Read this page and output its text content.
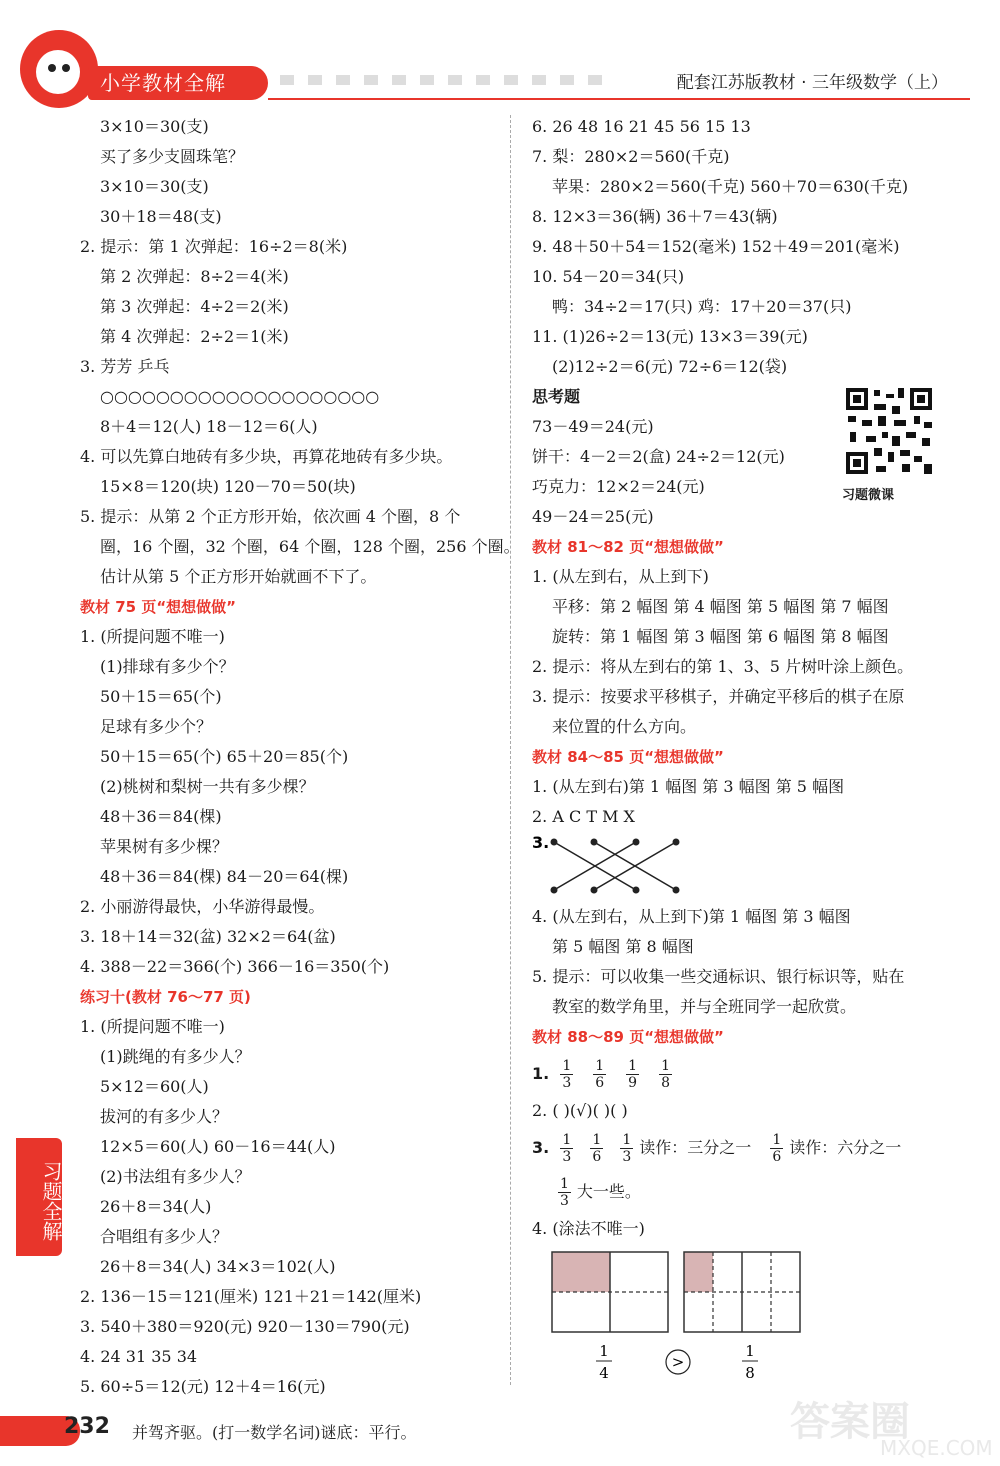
小学教材全解	配套江苏版教材 · 三年级数学（上）
3×10＝30(支)
买了多少支圆珠笔？
3×10＝30(支)
30＋18＝48(支)
2. 提示：第 1 次弹起：16÷2＝8(米)
第 2 次弹起：8÷2＝4(米)
第 3 次弹起：4÷2＝2(米)
第 4 次弹起：2÷2＝1(米)
3. 芳芳 乒乓
○○○○○○○○○○○○○○○○○○○○
8＋4＝12(人) 18－12＝6(人)
4. 可以先算白地砖有多少块，再算花地砖有多少块。
15×8＝120(块) 120－70＝50(块)
5. 提示：从第 2 个正方形开始，依次画 4 个圈，8 个
圈，16 个圈，32 个圈，64 个圈，128 个圈，256 个圈。
估计从第 5 个正方形开始就画不下了。
教材 75 页“想想做做”
1. (所提问题不唯一)
(1)排球有多少个？
50＋15＝65(个)
足球有多少个？
50＋15＝65(个) 65＋20＝85(个)
(2)桃树和梨树一共有多少棵？
48＋36＝84(棵)
苹果树有多少棵？
48＋36＝84(棵) 84－20＝64(棵)
2. 小丽游得最快，小华游得最慢。
3. 18＋14＝32(盆) 32×2＝64(盆)
4. 388－22＝366(个) 366－16＝350(个)
练习十(教材 76～77 页)
1. (所提问题不唯一)
(1)跳绳的有多少人？
5×12＝60(人)
拔河的有多少人？
12×5＝60(人) 60－16＝44(人)
(2)书法组有多少人？
26＋8＝34(人)
合唱组有多少人？
26＋8＝34(人) 34×3＝102(人)
2. 136－15＝121(厘米) 121＋21＝142(厘米)
3. 540＋380＝920(元) 920－130＝790(元)
4. 24 31 35 34
5. 60÷5＝12(元) 12＋4＝16(元)
6. 26 48 16 21 45 56 15 13
7. 梨：280×2＝560(千克)
苹果：280×2＝560(千克) 560＋70＝630(千克)
8. 12×3＝36(辆) 36＋7＝43(辆)
9. 48＋50＋54＝152(毫米) 152＋49＝201(毫米)
10. 54－20＝34(只)
鸭：34÷2＝17(只) 鸡：17＋20＝37(只)
11. (1)26÷2＝13(元) 13×3＝39(元)
(2)12÷2＝6(元) 72÷6＝12(袋)
思考题
73－49＝24(元)
饼干：4－2＝2(盒) 24÷2＝12(元)
巧克力：12×2＝24(元)
49－24＝25(元)
教材 81～82 页“想想做做”
1. (从左到右，从上到下)
平移：第 2 幅图 第 4 幅图 第 5 幅图 第 7 幅图
旋转：第 1 幅图 第 3 幅图 第 6 幅图 第 8 幅图
2. 提示：将从左到右的第 1、3、5 片树叶涂上颜色。
3. 提示：按要求平移棋子，并确定平移后的棋子在原
来位置的什么方向。
教材 84～85 页“想想做做”
1. (从左到右)第 1 幅图 第 3 幅图 第 5 幅图
2. A C T M X
3.
4. (从左到右，从上到下)第 1 幅图 第 3 幅图
第 5 幅图 第 8 幅图
5. 提示：可以收集一些交通标识、银行标识等，贴在
教室的数学角里，并与全班同学一起欣赏。
教材 88～89 页“想想做做”
1. $\frac{1}{3} \frac{1}{6} \frac{1}{9} \frac{1}{8}$
2. ( )(√)( )( )
3. $\frac{1}{3}$
$\frac{1}{6}$
$\frac{1}{3}$ 读作：三分之一 $\frac{1}{6}$ 读作：六分之一
$\frac{1}{3}$ 大一些。
4. (涂法不唯一)
1
4
>
1
8
习题微课
习题全解
232 并驾齐驱。(打一数学名词)谜底：平行。	答案圈
MXQE.COM
